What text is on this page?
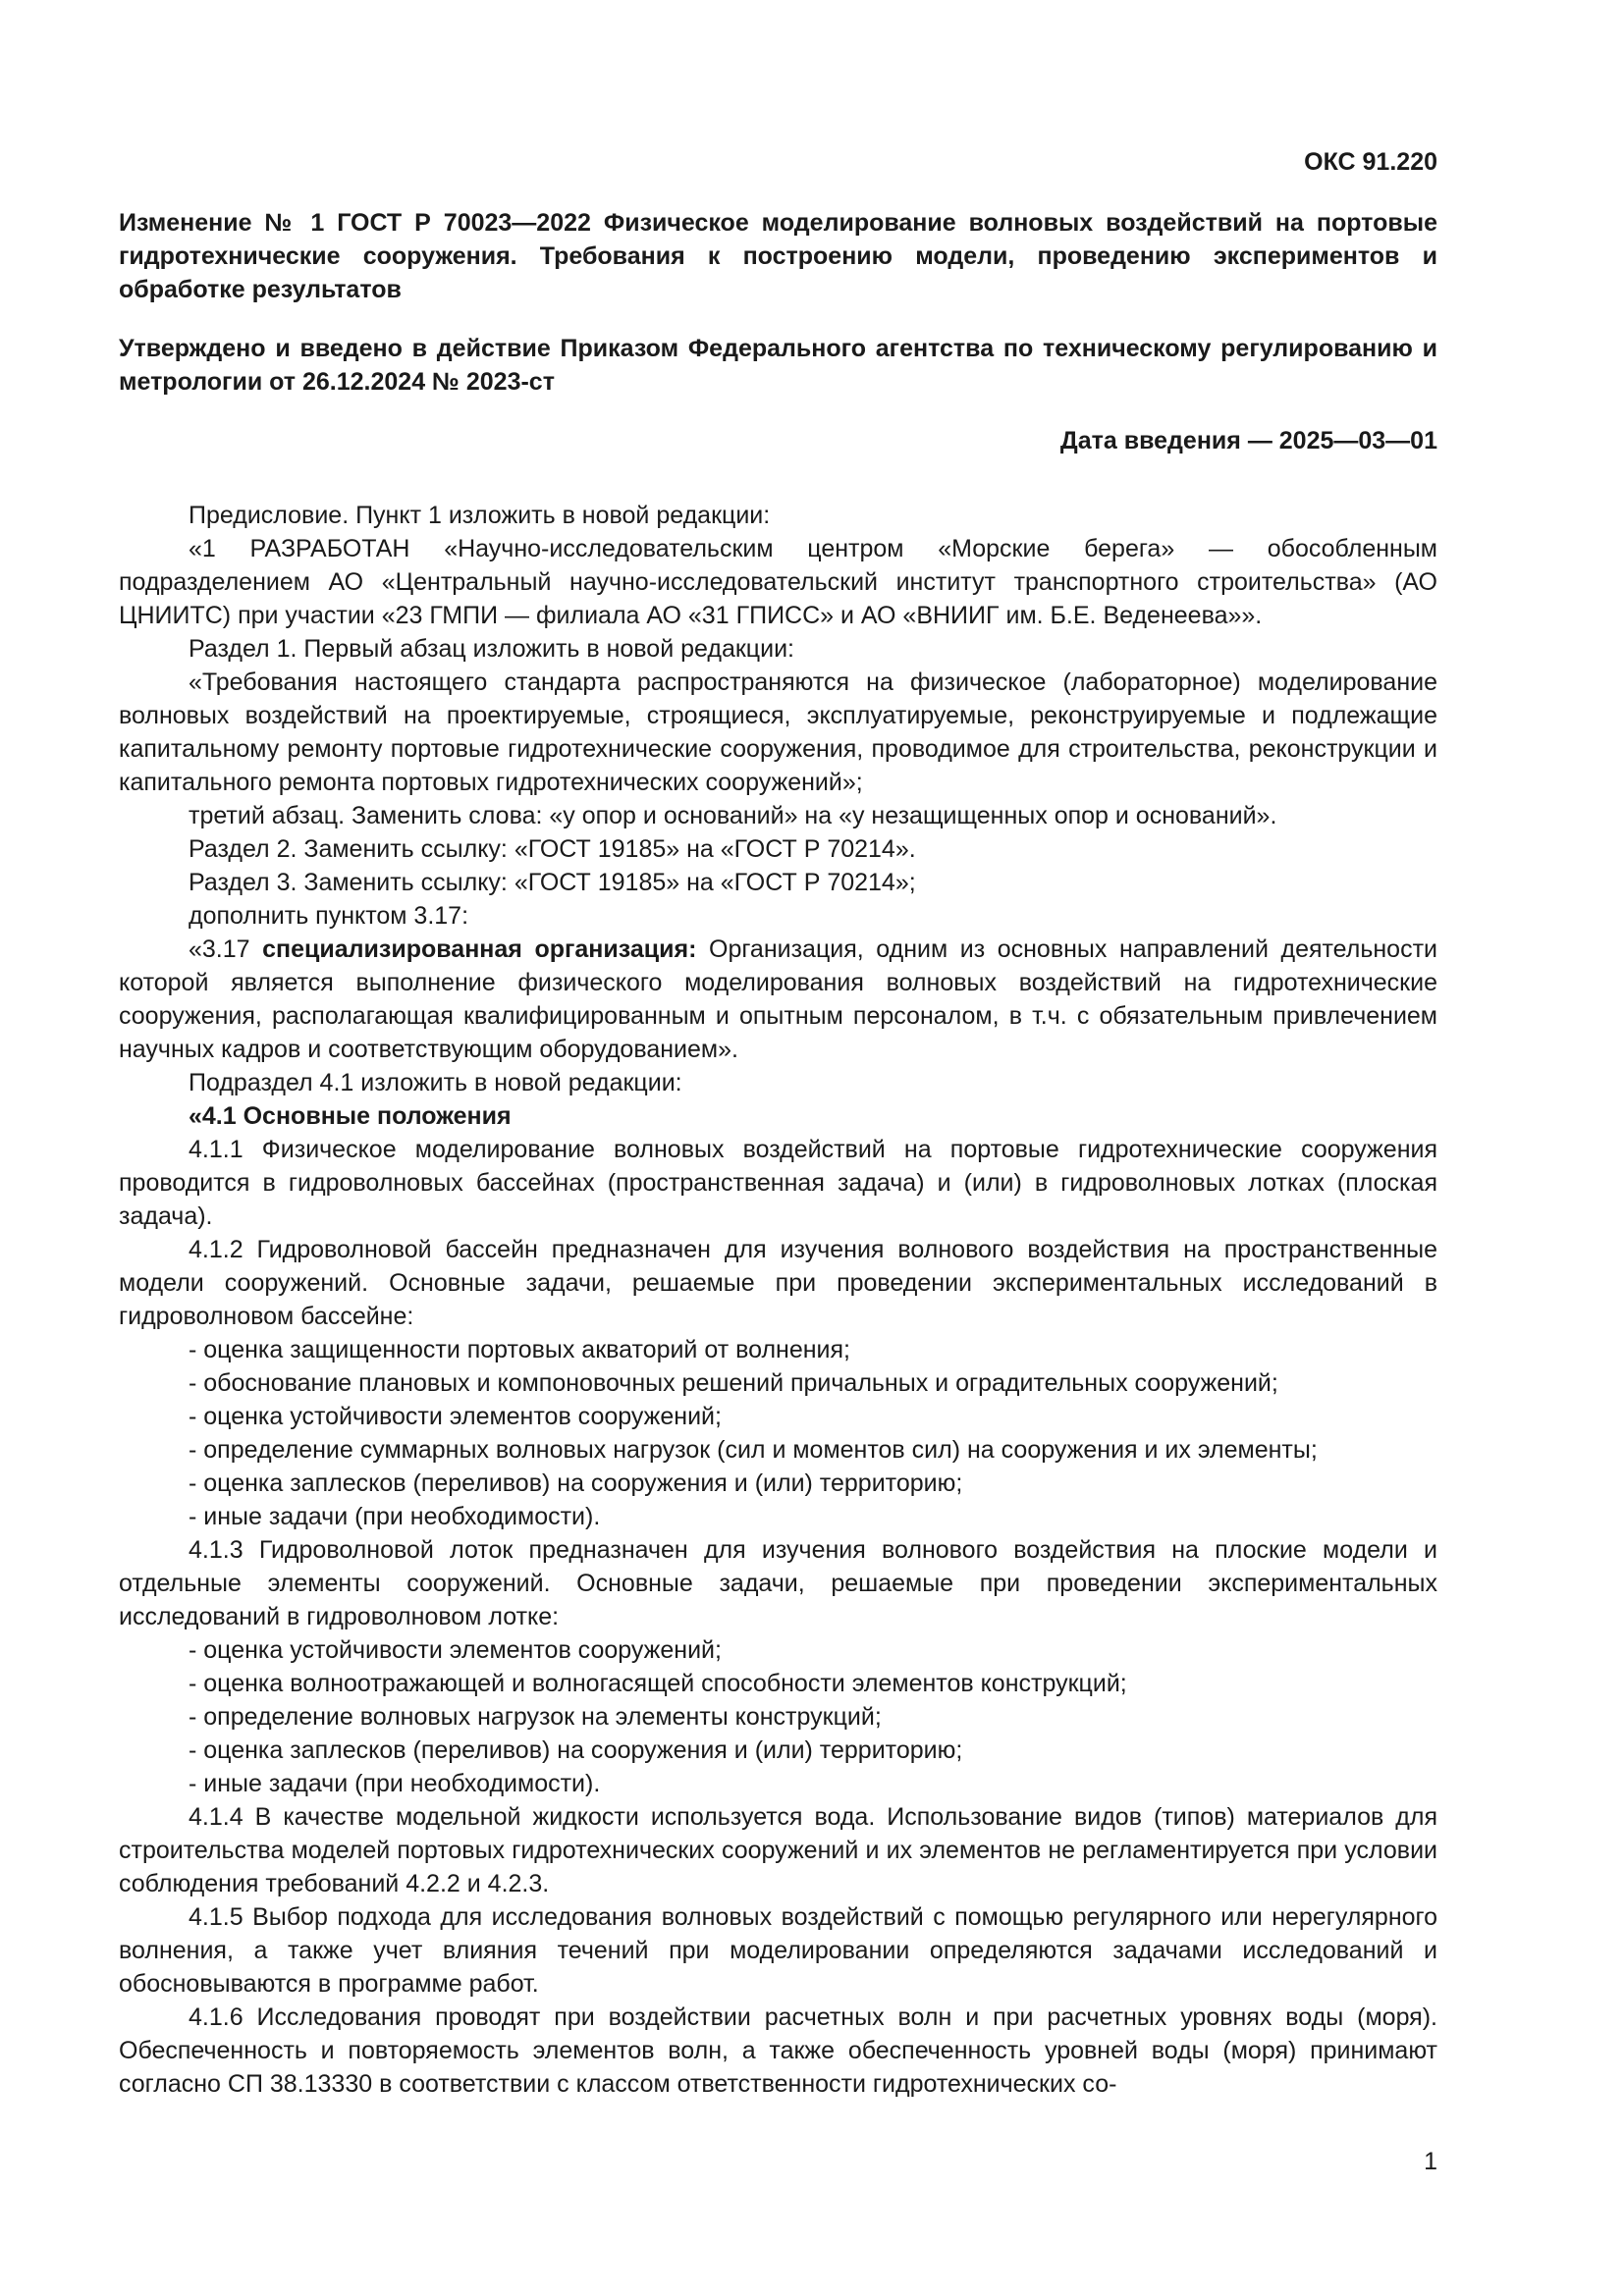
ОКС 91.220
Изменение № 1 ГОСТ Р 70023—2022 Физическое моделирование волновых воздействий на портовые гидротехнические сооружения. Требования к построению модели, проведению экспериментов и обработке результатов
Утверждено и введено в действие Приказом Федерального агентства по техническому регулированию и метрологии от 26.12.2024 № 2023-ст
Дата введения — 2025—03—01

Предисловие. Пункт 1 изложить в новой редакции:

«1 РАЗРАБОТАН «Научно-исследовательским центром «Морские берега» — обособленным подразделением АО «Центральный научно-исследовательский институт транспортного строительства» (АО ЦНИИТС) при участии «23 ГМПИ — филиала АО «31 ГПИСС» и АО «ВНИИГ им. Б.Е. Веденеева»».

Раздел 1. Первый абзац изложить в новой редакции:

«Требования настоящего стандарта распространяются на физическое (лабораторное) моделирование волновых воздействий на проектируемые, строящиеся, эксплуатируемые, реконструируемые и подлежащие капитальному ремонту портовые гидротехнические сооружения, проводимое для строительства, реконструкции и капитального ремонта портовых гидротехнических сооружений»;

третий абзац. Заменить слова: «у опор и оснований» на «у незащищенных опор и оснований».

Раздел 2. Заменить ссылку: «ГОСТ 19185» на «ГОСТ Р 70214».

Раздел 3. Заменить ссылку: «ГОСТ 19185» на «ГОСТ Р 70214»;

дополнить пунктом 3.17:

«3.17 специализированная организация: Организация, одним из основных направлений деятельности которой является выполнение физического моделирования волновых воздействий на гидротехнические сооружения, располагающая квалифицированным и опытным персоналом, в т.ч. с обязательным привлечением научных кадров и соответствующим оборудованием».

Подраздел 4.1 изложить в новой редакции:

«4.1 Основные положения

4.1.1 Физическое моделирование волновых воздействий на портовые гидротехнические сооружения проводится в гидроволновых бассейнах (пространственная задача) и (или) в гидроволновых лотках (плоская задача).

4.1.2 Гидроволновой бассейн предназначен для изучения волнового воздействия на пространственные модели сооружений. Основные задачи, решаемые при проведении экспериментальных исследований в гидроволновом бассейне:

- оценка защищенности портовых акваторий от волнения;

- обоснование плановых и компоновочных решений причальных и оградительных сооружений;

- оценка устойчивости элементов сооружений;

- определение суммарных волновых нагрузок (сил и моментов сил) на сооружения и их элементы;

- оценка заплесков (переливов) на сооружения и (или) территорию;

- иные задачи (при необходимости).

4.1.3 Гидроволновой лоток предназначен для изучения волнового воздействия на плоские модели и отдельные элементы сооружений. Основные задачи, решаемые при проведении экспериментальных исследований в гидроволновом лотке:

- оценка устойчивости элементов сооружений;

- оценка волноотражающей и волногасящей способности элементов конструкций;

- определение волновых нагрузок на элементы конструкций;

- оценка заплесков (переливов) на сооружения и (или) территорию;

- иные задачи (при необходимости).

4.1.4 В качестве модельной жидкости используется вода. Использование видов (типов) материалов для строительства моделей портовых гидротехнических сооружений и их элементов не регламентируется при условии соблюдения требований 4.2.2 и 4.2.3.

4.1.5 Выбор подхода для исследования волновых воздействий с помощью регулярного или нерегулярного волнения, а также учет влияния течений при моделировании определяются задачами исследований и обосновываются в программе работ.

4.1.6 Исследования проводят при воздействии расчетных волн и при расчетных уровнях воды (моря). Обеспеченность и повторяемость элементов волн, а также обеспеченность уровней воды (моря) принимают согласно СП 38.13330 в соответствии с классом ответственности гидротехнических со-

1
